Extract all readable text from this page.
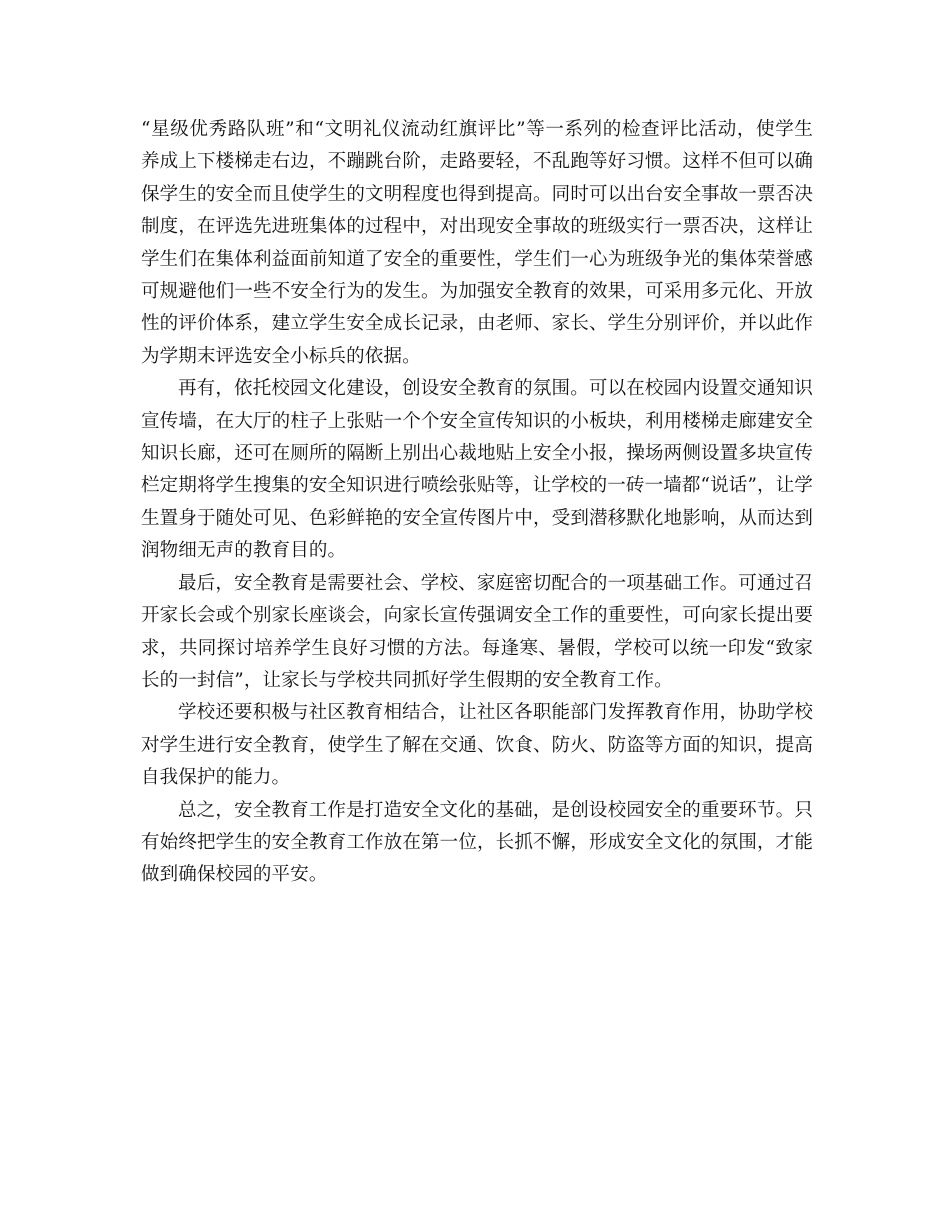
“星级优秀路队班”和“文明礼仪流动红旗评比”等一系列的检查评比活动，使学生养成上下楼梯走右边，不蹦跳台阶，走路要轻，不乱跑等好习惯。这样不但可以确保学生的安全而且使学生的文明程度也得到提高。同时可以出台安全事故一票否决制度，在评选先进班集体的过程中，对出现安全事故的班级实行一票否决，这样让学生们在集体利益面前知道了安全的重要性，学生们一心为班级争光的集体荣誉感可规避他们一些不安全行为的发生。为加强安全教育的效果，可采用多元化、开放性的评价体系，建立学生安全成长记录，由老师、家长、学生分别评价，并以此作为学期末评选安全小标兵的依据。

再有，依托校园文化建设，创设安全教育的氛围。可以在校园内设置交通知识宣传墙，在大厅的柱子上张贴一个个安全宣传知识的小板块，利用楼梯走廊建安全知识长廊，还可在厕所的隔断上别出心裁地贴上安全小报，操场两侧设置多块宣传栏定期将学生搜集的安全知识进行喷绘张贴等，让学校的一砖一墙都“说话”，让学生置身于随处可见、色彩鲜艳的安全宣传图片中，受到潜移默化地影响，从而达到润物细无声的教育目的。

最后，安全教育是需要社会、学校、家庭密切配合的一项基础工作。可通过召开家长会或个别家长座谈会，向家长宣传强调安全工作的重要性，可向家长提出要求，共同探讨培养学生良好习惯的方法。每逢寒、暑假，学校可以统一印发“致家长的一封信”，让家长与学校共同抓好学生假期的安全教育工作。

学校还要积极与社区教育相结合，让社区各职能部门发挥教育作用，协助学校对学生进行安全教育，使学生了解在交通、饮食、防火、防盗等方面的知识，提高自我保护的能力。

总之，安全教育工作是打造安全文化的基础，是创设校园安全的重要环节。只有始终把学生的安全教育工作放在第一位，长抓不懈，形成安全文化的氛围，才能做到确保校园的平安。
